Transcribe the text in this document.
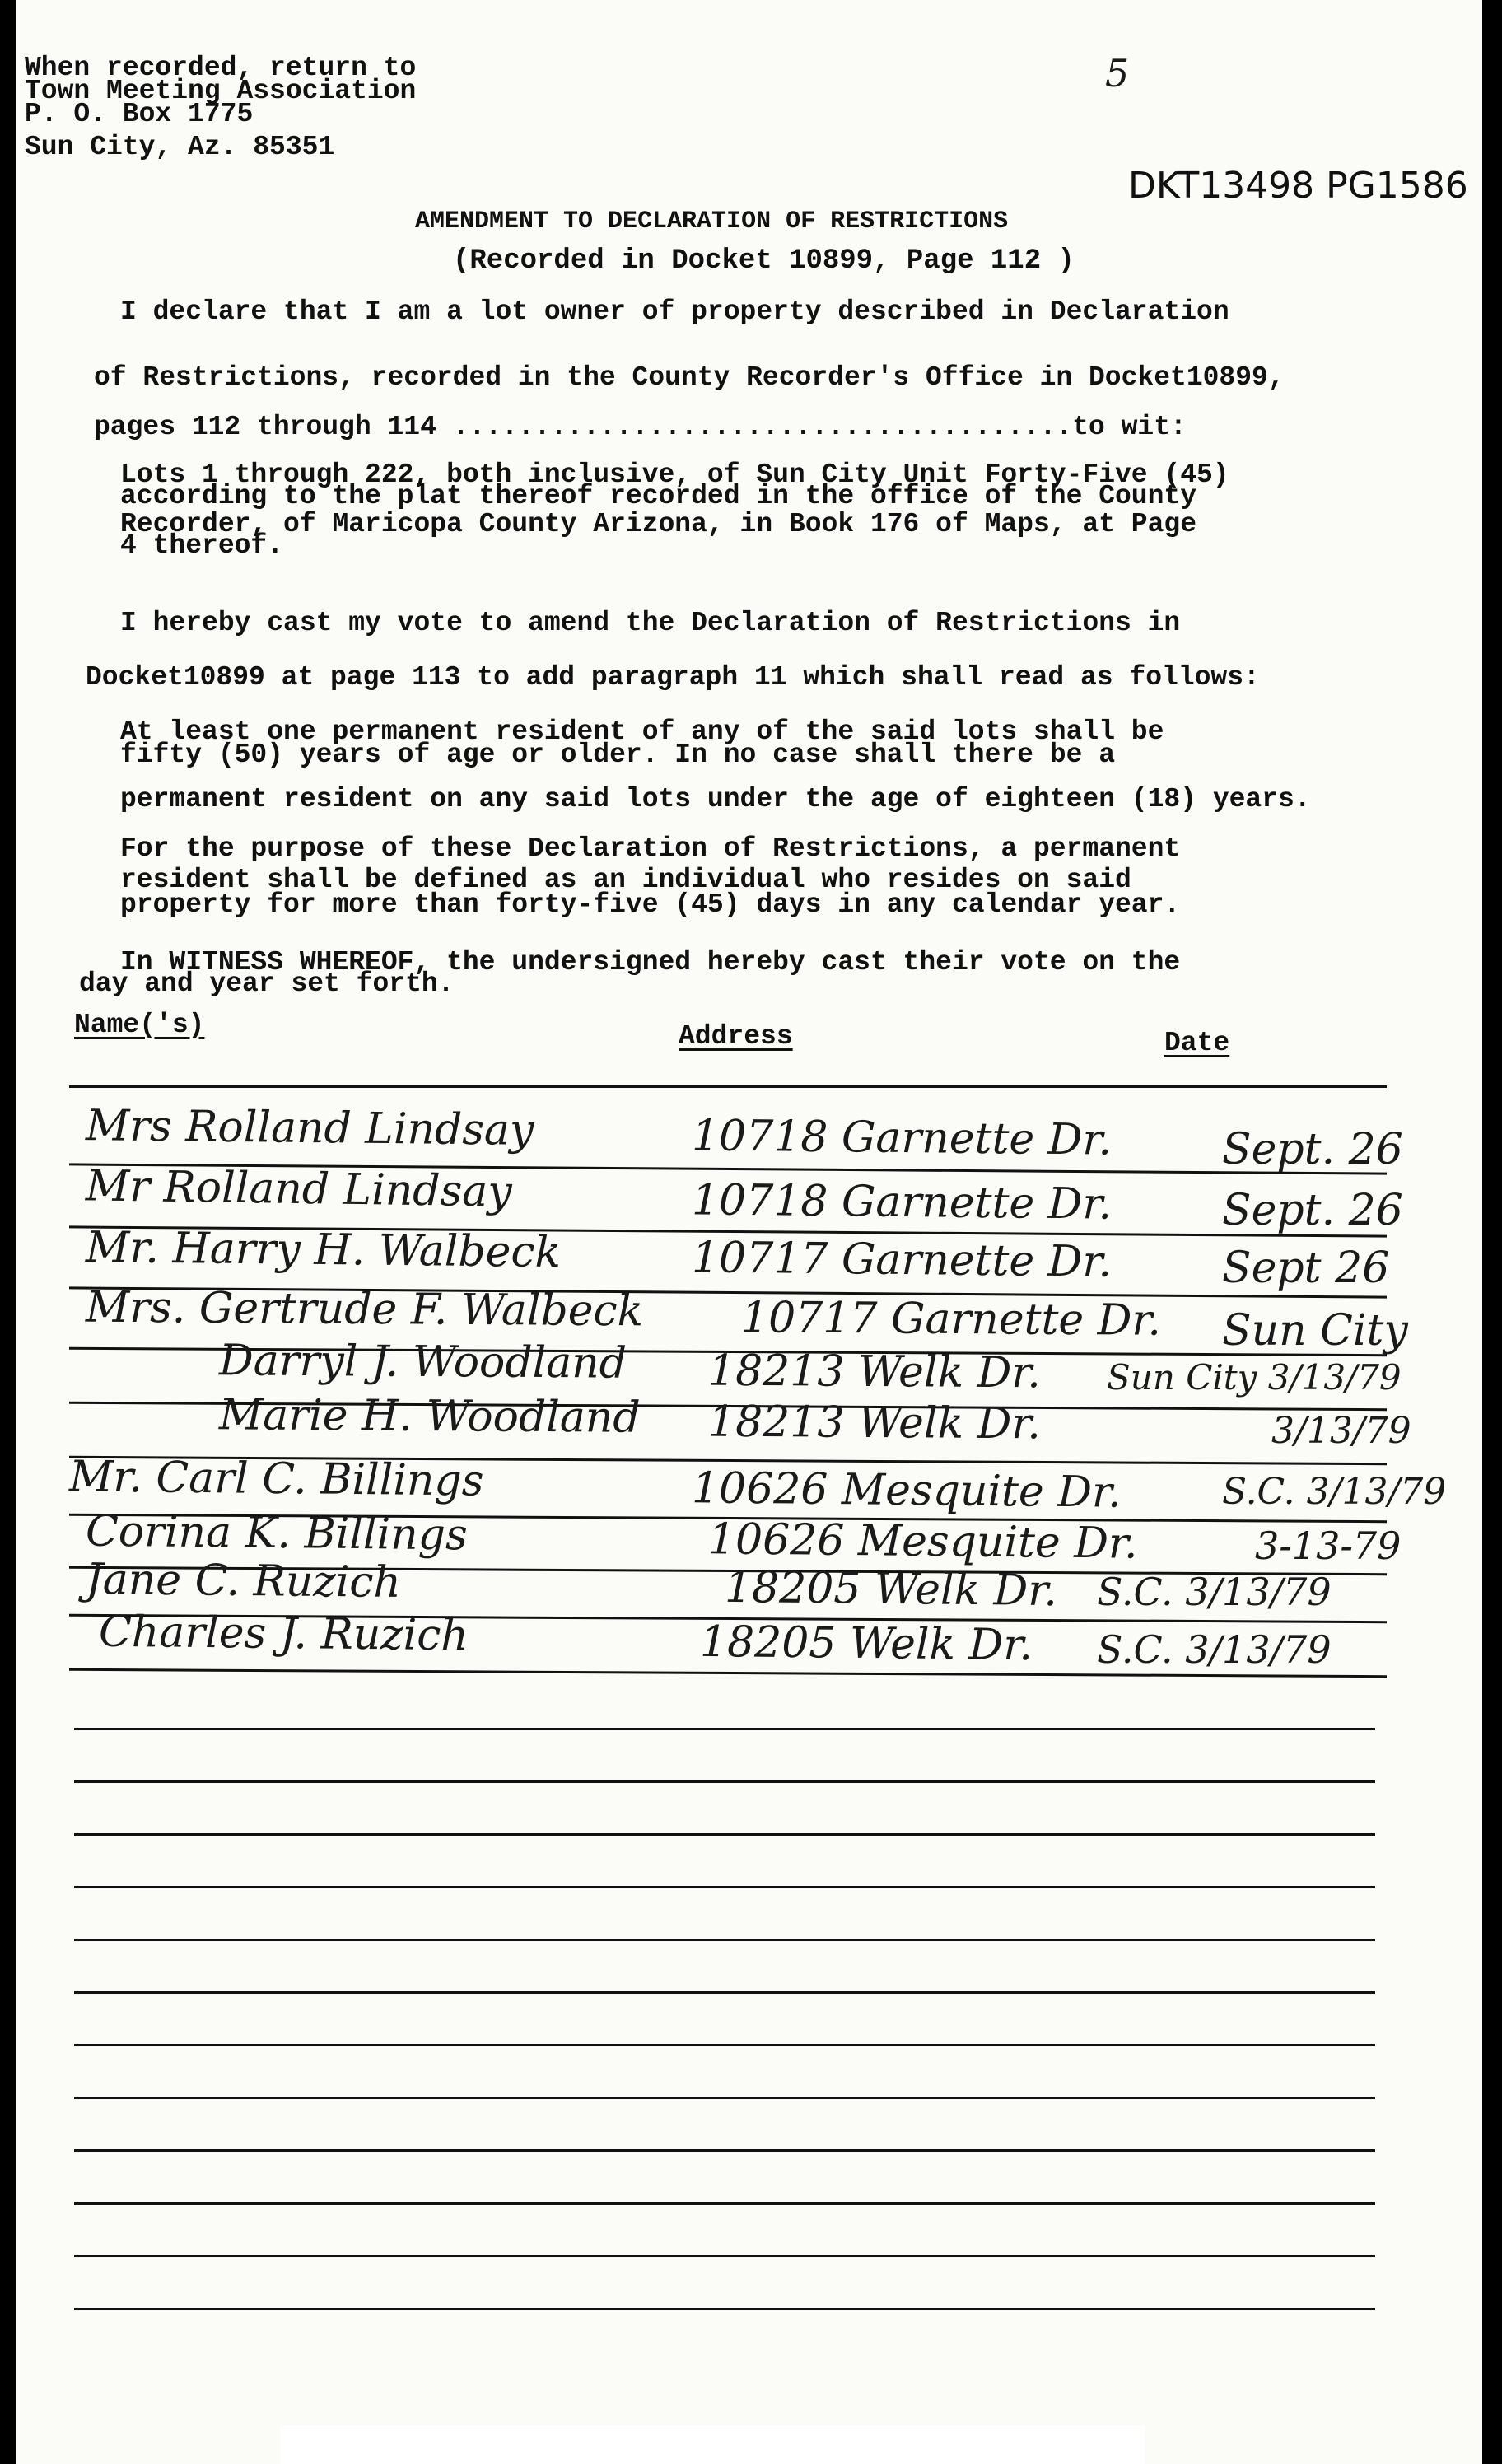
When recorded, return to
Town Meeting Association
P. O. Box 1775
Sun City, Az. 85351
5
DKT13498 PG1586
AMENDMENT TO DECLARATION OF RESTRICTIONS
(Recorded in Docket 10899, Page 112 )
I declare that I am a lot owner of property described in Declaration
of Restrictions, recorded in the County Recorder's Office in Docket10899,
pages 112 through 114 ......................................to wit:
Lots 1 through 222, both inclusive, of Sun City Unit Forty-Five (45)
according to the plat thereof recorded in the office of the County
Recorder, of Maricopa County Arizona, in Book 176 of Maps, at Page
4 thereof.
I hereby cast my vote to amend the Declaration of Restrictions in
Docket10899 at page 113 to add paragraph 11 which shall read as follows:
At least one permanent resident of any of the said lots shall be
fifty (50) years of age or older. In no case shall there be a
permanent resident on any said lots under the age of eighteen (18) years.
For the purpose of these Declaration of Restrictions, a permanent
resident shall be defined as an individual who resides on said
property for more than forty-five (45) days in any calendar year.
In WITNESS WHEREOF, the undersigned hereby cast their vote on the
day and year set forth.
Name('s)	Address	Date
Mrs Rolland Lindsay	10718 Garnette Dr.	Sept. 26
Mr Rolland Lindsay	10718 Garnette Dr.	Sept. 26
Mr. Harry H. Walbeck	10717 Garnette Dr.	Sept 26
Mrs. Gertrude F. Walbeck 10717 Garnette Dr. Sun City
Darryl J. Woodland 18213 Welk Dr. Sun City 3/13/79
Marie H. Woodland 18213 Welk Dr.	3/13/79
Mr. Carl C. Billings	10626 Mesquite Dr.	S.C. 3/13/79
Corina K. Billings	10626 Mesquite Dr.	3-13-79
Jane C. Ruzich	18205 Welk Dr. S.C. 3/13/79
Charles J. Ruzich	18205 Welk Dr. S.C. 3/13/79
